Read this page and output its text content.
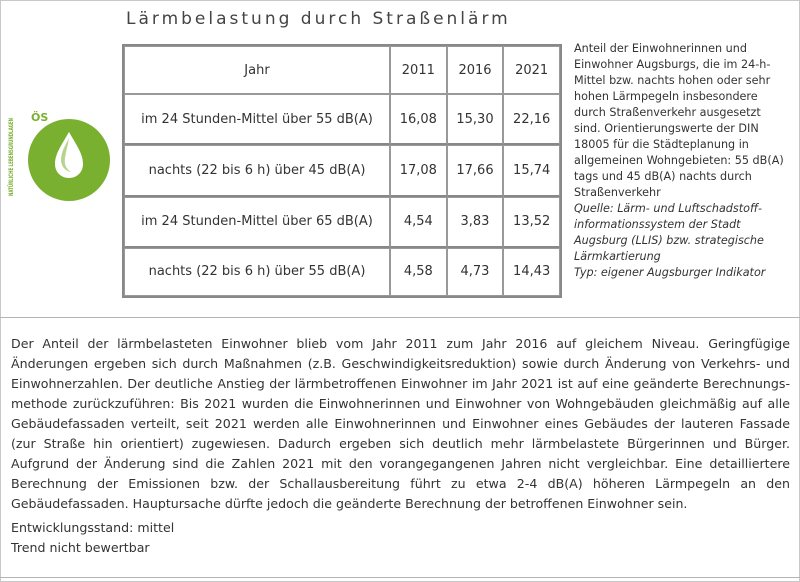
Lärmbelastung durch Straßenlärm
ÖS
NATÜRLICHE LEBENSGRUNDLAGEN
Jahr	2011	2016	2021
im 24 Stunden-Mittel über 55 dB(A)	16,08	15,30	22,16
nachts (22 bis 6 h) über 45 dB(A)	17,08	17,66	15,74
im 24 Stunden-Mittel über 65 dB(A)	4,54	3,83	13,52
nachts (22 bis 6 h) über 55 dB(A)	4,58	4,73	14,43
Anteil der Einwohnerinnen und Einwohner Augsburgs, die im 24-h-Mittel bzw. nachts hohen oder sehr hohen Lärmpegeln insbesondere durch Straßenverkehr ausgesetzt sind. Orientierungswerte der DIN 18005 für die Städteplanung in allgemeinen Wohngebieten: 55 dB(A) tags und 45 dB(A) nachts durch Straßenverkehr
Quelle: Lärm- und Luftschadstoff-informationssystem der Stadt Augsburg (LLIS) bzw. strategische Lärmkartierung
Typ: eigener Augsburger Indikator
Der Anteil der lärmbelasteten Einwohner blieb vom Jahr 2011 zum Jahr 2016 auf gleichem Niveau. Geringfügige Änderungen ergeben sich durch Maßnahmen (z.B. Geschwindigkeitsreduktion) sowie durch Änderung von Verkehrs- und Einwohnerzahlen. Der deutliche Anstieg der lärmbetroffenen Einwohner im Jahr 2021 ist auf eine geänderte Berechnungs-methode zurückzuführen: Bis 2021 wurden die Einwohnerinnen und Einwohner von Wohngebäuden gleichmäßig auf alle Gebäudefassaden verteilt, seit 2021 werden alle Einwohnerinnen und Einwohner eines Gebäudes der lauteren Fassade (zur Straße hin orientiert) zugewiesen. Dadurch ergeben sich deutlich mehr lärmbelastete Bürgerinnen und Bürger. Aufgrund der Änderung sind die Zahlen 2021 mit den vorangegangenen Jahren nicht vergleichbar. Eine detailliertere Berechnung der Emissionen bzw. der Schallausbereitung führt zu etwa 2-4 dB(A) höheren Lärmpegeln an den Gebäudefassaden. Hauptursache dürfte jedoch die geänderte Berechnung der betroffenen Einwohner sein.
Entwicklungsstand: mittel
Trend nicht bewertbar
